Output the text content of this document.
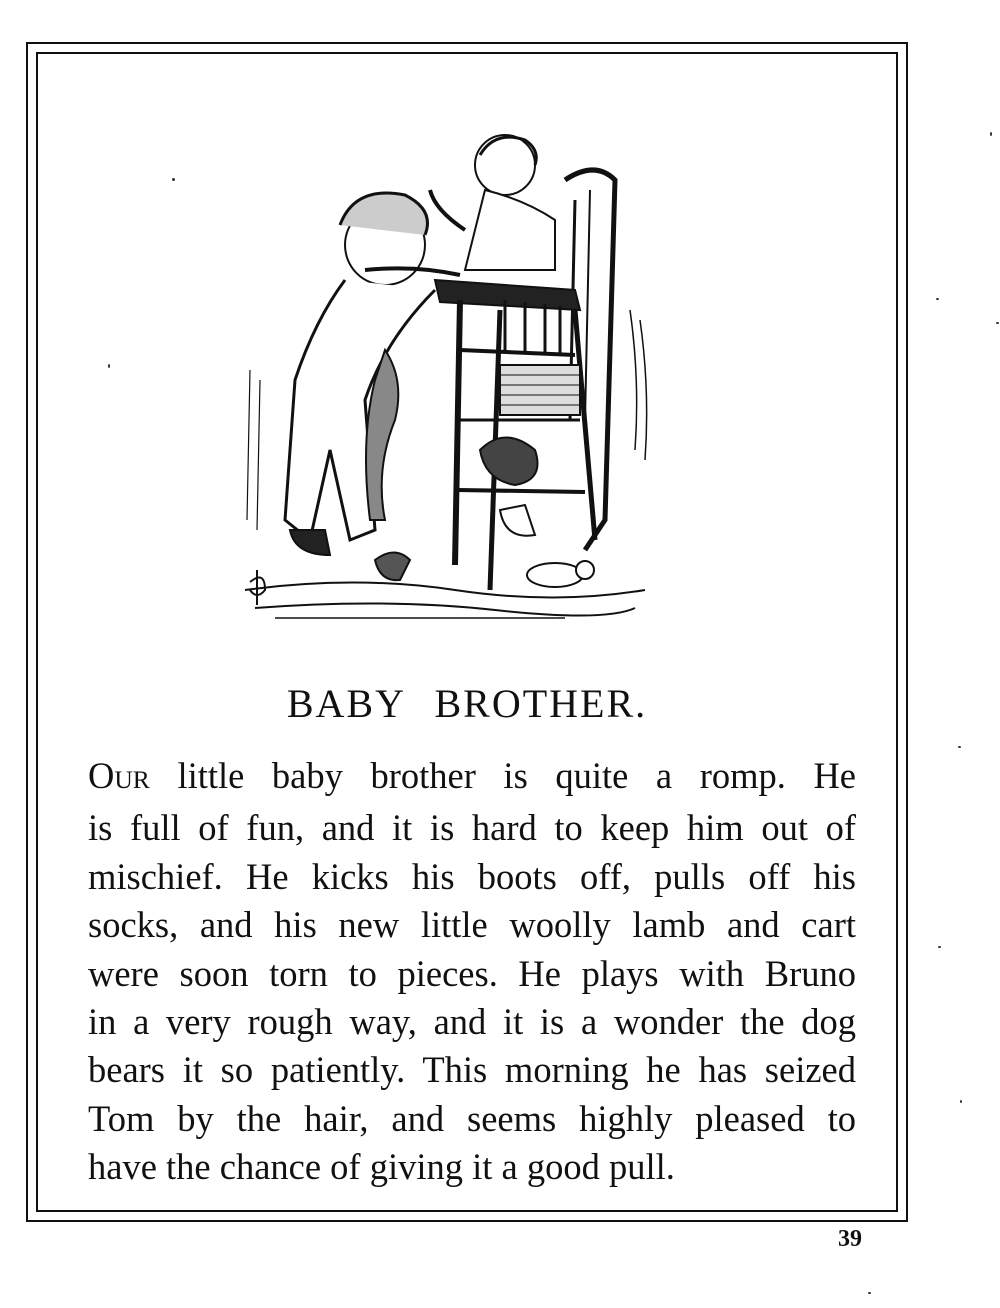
BABY BROTHER.
OUR little baby brother is quite a romp. He
is full of fun, and it is hard to keep him out of
mischief. He kicks his boots off, pulls off his
socks, and his new little woolly lamb and cart
were soon torn to pieces. He plays with Bruno
in a very rough way, and it is a wonder the dog
bears it so patiently. This morning he has seized
Tom by the hair, and seems highly pleased to
have the chance of giving it a good pull.
39
